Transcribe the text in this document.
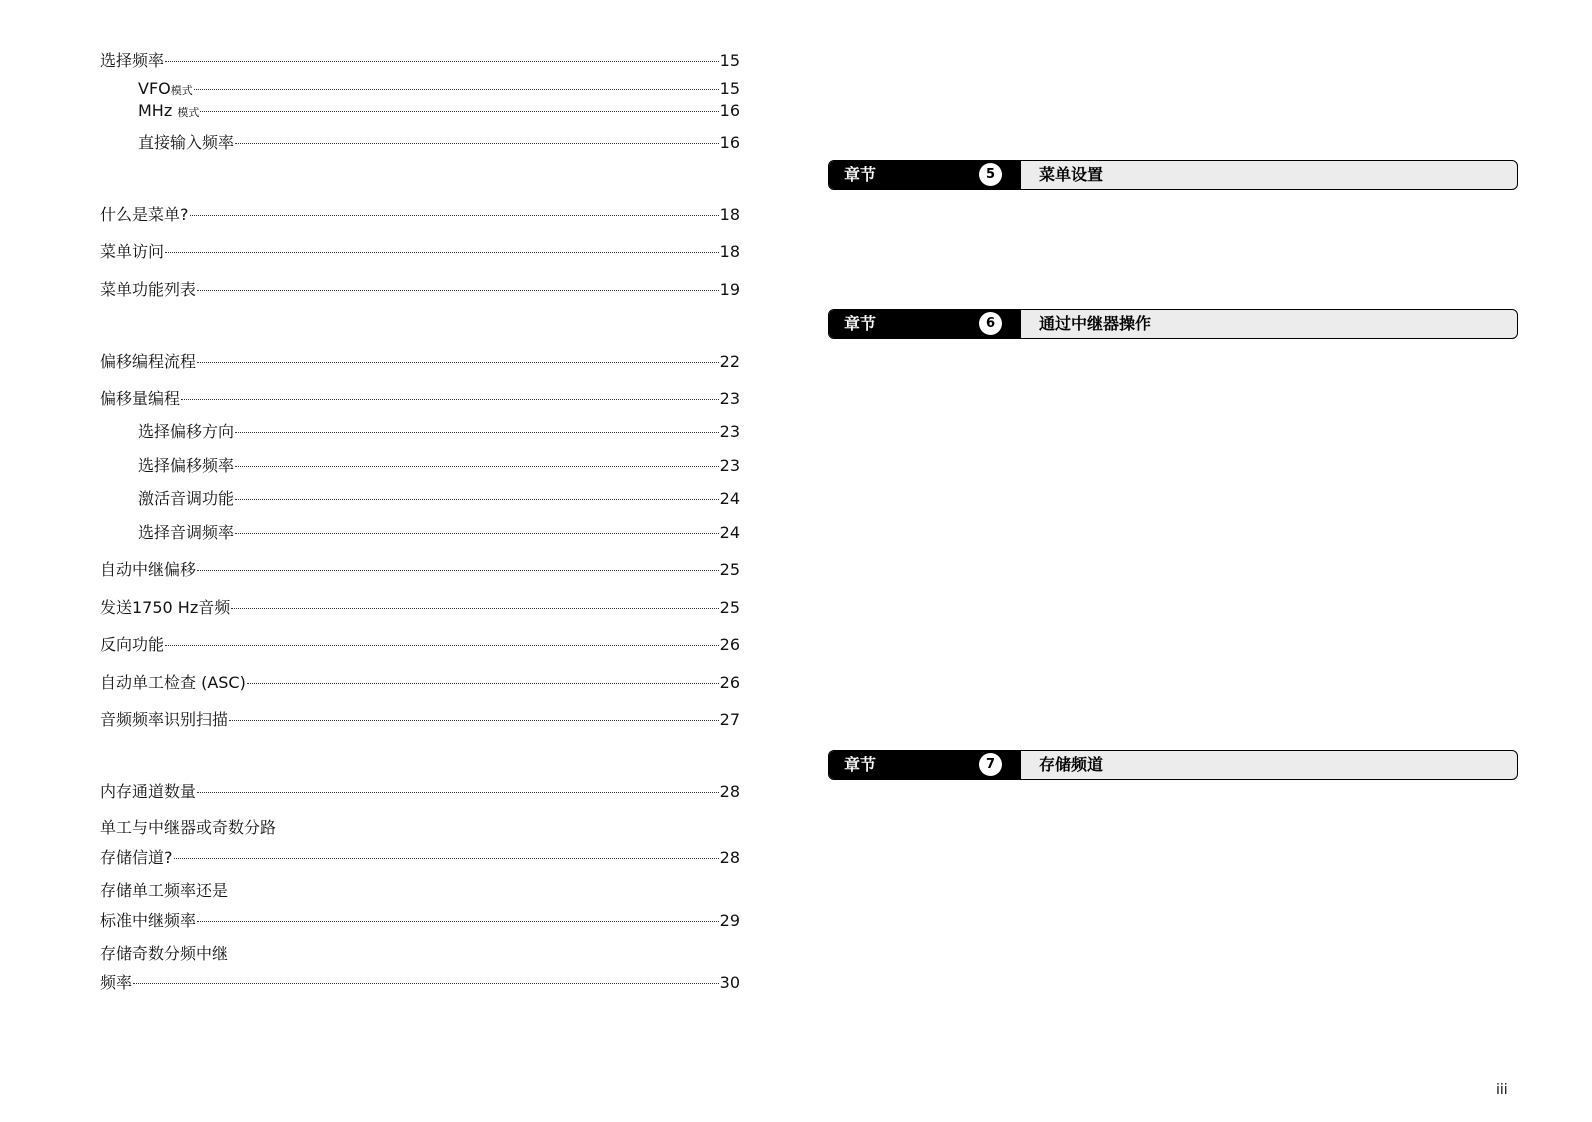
选择频率	15
VFO模式	15
MHz 模式	16
直接输入频率	16
什么是菜单?	18
菜单访问	18
菜单功能列表	19
偏移编程流程	22
偏移量编程	23
选择偏移方向	23
选择偏移频率	23
激活音调功能	24
选择音调频率	24
自动中继偏移	25
发送1750 Hz音频	25
反向功能	26
自动单工检查 (ASC)	26
音频频率识别扫描	27
内存通道数量	28
单工与中继器或奇数分路
存储信道?	28
存储单工频率还是
标准中继频率	29
存储奇数分频中继
频率	30
章节	5	菜单设置
章节	6	通过中继器操作
章节	7	存储频道
iii
